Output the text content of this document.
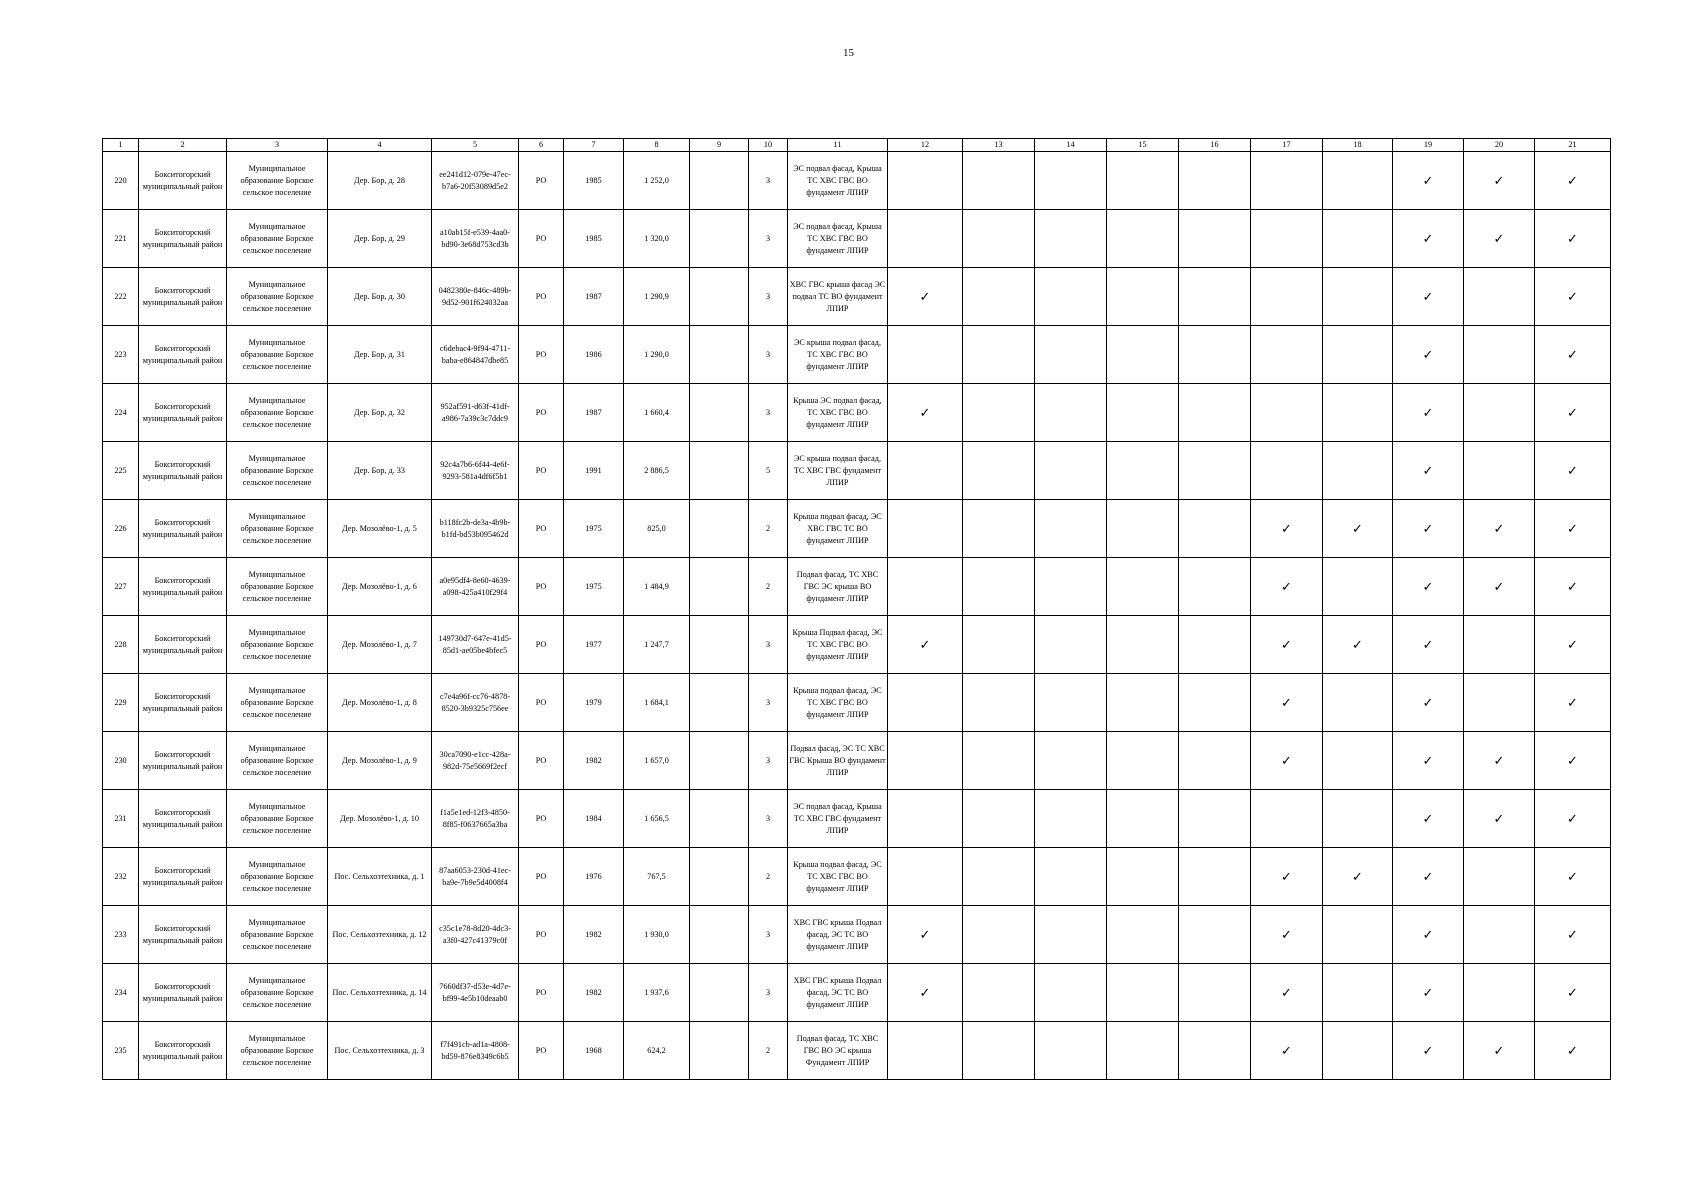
15
1	2	3	4	5	6	7	8	9	10	11	12	13	14	15	16	17	18	19	20	21
220	Бокситогорский муниципальный район	Муниципальное образование Борское сельское поселение	Дер. Бор, д. 28	ee241d12-079e-47ec-b7a6-20f53089d5e2	РО	1985	1 252,0		3	ЭС подвал фасад, Крыша ТС ХВС ГВС ВО фундамент ЛПИР								✓	✓	✓
221	Бокситогорский муниципальный район	Муниципальное образование Борское сельское поселение	Дер. Бор, д. 29	a10ab15f-e539-4aa0-bd90-3e68d753cd3b	РО	1985	1 320,0		3	ЭС подвал фасад, Крыша ТС ХВС ГВС ВО фундамент ЛПИР								✓	✓	✓
222	Бокситогорский муниципальный район	Муниципальное образование Борское сельское поселение	Дер. Бор, д. 30	0482380e-846c-489b-9d52-901f624032aa	РО	1987	1 290,9		3	ХВС ГВС крыша фасад ЭС подвал ТС ВО фундамент ЛПИР	✓							✓		✓
223	Бокситогорский муниципальный район	Муниципальное образование Борское сельское поселение	Дер. Бор, д. 31	c6debac4-9f94-4711-baba-e864847dbe85	РО	1986	1 290,0		3	ЭС крыша подвал фасад, ТС ХВС ГВС ВО фундамент ЛПИР								✓		✓
224	Бокситогорский муниципальный район	Муниципальное образование Борское сельское поселение	Дер. Бор, д. 32	952af591-d63f-41df-a986-7a39c3c7ddc9	РО	1987	1 660,4		3	Крыша ЭС подвал фасад, ТС ХВС ГВС ВО фундамент ЛПИР	✓							✓		✓
225	Бокситогорский муниципальный район	Муниципальное образование Борское сельское поселение	Дер. Бор, д. 33	92c4a7b6-6f44-4e6f-9293-581a4df6f5b1	РО	1991	2 886,5		5	ЭС крыша подвал фасад, ТС ХВС ГВС фундамент ЛПИР								✓		✓
226	Бокситогорский муниципальный район	Муниципальное образование Борское сельское поселение	Дер. Мозолёво-1, д. 5	b118fc2b-de3a-4b9b-b1fd-bd53b095462d	РО	1975	825,0		2	Крыша подвал фасад, ЭС ХВС ГВС ТС ВО фундамент ЛПИР						✓	✓	✓	✓	✓
227	Бокситогорский муниципальный район	Муниципальное образование Борское сельское поселение	Дер. Мозолёво-1, д. 6	a0e95df4-8e60-4639-a098-425a410f29f4	РО	1975	1 484,9		2	Подвал фасад, ТС ХВС ГВС ЭС крыша ВО фундамент ЛПИР						✓		✓	✓	✓
228	Бокситогорский муниципальный район	Муниципальное образование Борское сельское поселение	Дер. Мозолёво-1, д. 7	149730d7-647e-41d5-85d1-ae05be4bfec5	РО	1977	1 247,7		3	Крыша Подвал фасад, ЭС ТС ХВС ГВС ВО фундамент ЛПИР	✓					✓	✓	✓		✓
229	Бокситогорский муниципальный район	Муниципальное образование Борское сельское поселение	Дер. Мозолёво-1, д. 8	c7e4a96f-cc76-4878-8520-3b9325c756ee	РО	1979	1 684,1		3	Крыша подвал фасад, ЭС ТС ХВС ГВС ВО фундамент ЛПИР						✓		✓		✓
230	Бокситогорский муниципальный район	Муниципальное образование Борское сельское поселение	Дер. Мозолёво-1, д. 9	30ca7090-e1cc-428a-982d-75e5669f2ecf	РО	1982	1 657,0		3	Подвал фасад, ЭС ТС ХВС ГВС Крыша ВО фундамент ЛПИР						✓		✓	✓	✓
231	Бокситогорский муниципальный район	Муниципальное образование Борское сельское поселение	Дер. Мозолёво-1, д. 10	f1a5e1ed-12f3-4850-8f85-f0637665a3ba	РО	1984	1 656,5		3	ЭС подвал фасад, Крыша ТС ХВС ГВС фундамент ЛПИР								✓	✓	✓
232	Бокситогорский муниципальный район	Муниципальное образование Борское сельское поселение	Пос. Сельхозтехника, д. 1	87aa6053-230d-41ec-ba9e-7b9e5d4008f4	РО	1976	767,5		2	Крыша подвал фасад, ЭС ТС ХВС ГВС ВО фундамент ЛПИР						✓	✓	✓		✓
233	Бокситогорский муниципальный район	Муниципальное образование Борское сельское поселение	Пос. Сельхозтехника, д. 12	c35c1e78-8d20-4dc3-a3f0-427c41379c0f	РО	1982	1 930,0		3	ХВС ГВС крыша Подвал фасад, ЭС ТС ВО фундамент ЛПИР	✓					✓		✓		✓
234	Бокситогорский муниципальный район	Муниципальное образование Борское сельское поселение	Пос. Сельхозтехника, д. 14	7660df37-d53e-4d7e-bf99-4e5b10deaab0	РО	1982	1 937,6		3	ХВС ГВС крыша Подвал фасад, ЭС ТС ВО фундамент ЛПИР	✓					✓		✓		✓
235	Бокситогорский муниципальный район	Муниципальное образование Борское сельское поселение	Пос. Сельхозтехника, д. 3	f7f491cb-ad1a-4808-bd59-876e8349c6b5	РО	1968	624,2		2	Подвал фасад, ТС ХВС ГВС ВО ЭС крыша Фундамент ЛПИР						✓		✓	✓	✓
